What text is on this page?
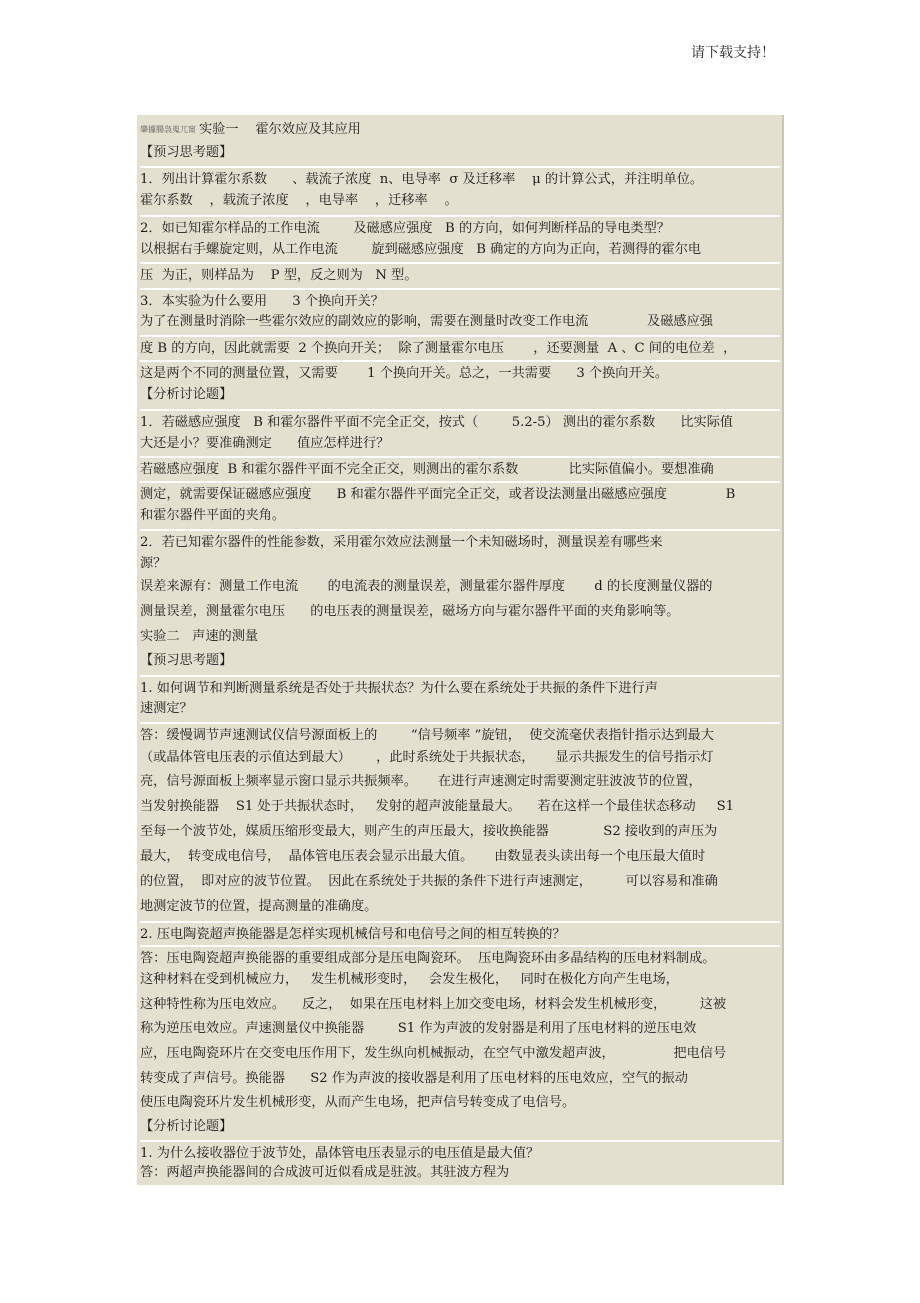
请下载支持！
肇據腸袅嵬兀甯 实验一    霍尔效应及其应用
【预习思考题】
1．列出计算霍尔系数      、载流子浓度  n、电导率  σ 及迁移率    μ 的计算公式，并注明单位。
霍尔系数    ，载流子浓度    ，电导率    ，迁移率    。
2．如已知霍尔样品的工作电流        及磁感应强度   B 的方向，如何判断样品的导电类型？
以根据右手螺旋定则，从工作电流        旋到磁感应强度   B 确定的方向为正向，若测得的霍尔电
压  为正，则样品为    P 型，反之则为   N 型。
3．本实验为什么要用      3 个换向开关？
为了在测量时消除一些霍尔效应的副效应的影响，需要在测量时改变工作电流              及磁感应强
度 B 的方向，因此就需要  2 个换向开关；  除了测量霍尔电压       ，还要测量  A 、C 间的电位差  ，
这是两个不同的测量位置，又需要       1 个换向开关。总之，一共需要      3 个换向开关。
【分析讨论题】
1．若磁感应强度   B 和霍尔器件平面不完全正交，按式（        5.2-5） 测出的霍尔系数      比实际值
大还是小？要准确测定      值应怎样进行？
若磁感应强度  B 和霍尔器件平面不完全正交，则测出的霍尔系数            比实际值偏小。要想准确
测定，就需要保证磁感应强度      B 和霍尔器件平面完全正交，或者设法测量出磁感应强度              B
和霍尔器件平面的夹角。
2．若已知霍尔器件的性能参数，采用霍尔效应法测量一个未知磁场时，测量误差有哪些来
源？
误差来源有：测量工作电流       的电流表的测量误差，测量霍尔器件厚度       d 的长度测量仪器的
测量误差，测量霍尔电压      的电压表的测量误差，磁场方向与霍尔器件平面的夹角影响等。
实验二   声速的测量
【预习思考题】
1. 如何调节和判断测量系统是否处于共振状态？为什么要在系统处于共振的条件下进行声
速测定？
答：缓慢调节声速测试仪信号源面板上的        “信号频率 ”旋钮，  使交流毫伏表指针指示达到最大
（或晶体管电压表的示值达到最大）      ，此时系统处于共振状态，     显示共振发生的信号指示灯
亮，信号源面板上频率显示窗口显示共振频率。     在进行声速测定时需要测定驻波波节的位置，
当发射换能器    S1 处于共振状态时，   发射的超声波能量最大。    若在这样一个最佳状态移动     S1
至每一个波节处，媒质压缩形变最大，则产生的声压最大，接收换能器             S2 接收到的声压为
最大，  转变成电信号，  晶体管电压表会显示出最大值。     由数显表头读出每一个电压最大值时
的位置，  即对应的波节位置。  因此在系统处于共振的条件下进行声速测定，        可以容易和准确
地测定波节的位置，提高测量的准确度。
2. 压电陶瓷超声换能器是怎样实现机械信号和电信号之间的相互转换的？
答：压电陶瓷超声换能器的重要组成部分是压电陶瓷环。  压电陶瓷环由多晶结构的压电材料制成。
这种材料在受到机械应力，   发生机械形变时，   会发生极化，   同时在极化方向产生电场，
这种特性称为压电效应。    反之，  如果在压电材料上加交变电场，材料会发生机械形变，        这被
称为逆压电效应。声速测量仪中换能器        S1 作为声波的发射器是利用了压电材料的逆压电效
应，压电陶瓷环片在交变电压作用下，发生纵向机械振动，在空气中激发超声波，              把电信号
转变成了声信号。换能器      S2 作为声波的接收器是利用了压电材料的压电效应，空气的振动
使压电陶瓷环片发生机械形变，从而产生电场，把声信号转变成了电信号。
【分析讨论题】
1. 为什么接收器位于波节处，晶体管电压表显示的电压值是最大值？
答：两超声换能器间的合成波可近似看成是驻波。其驻波方程为
